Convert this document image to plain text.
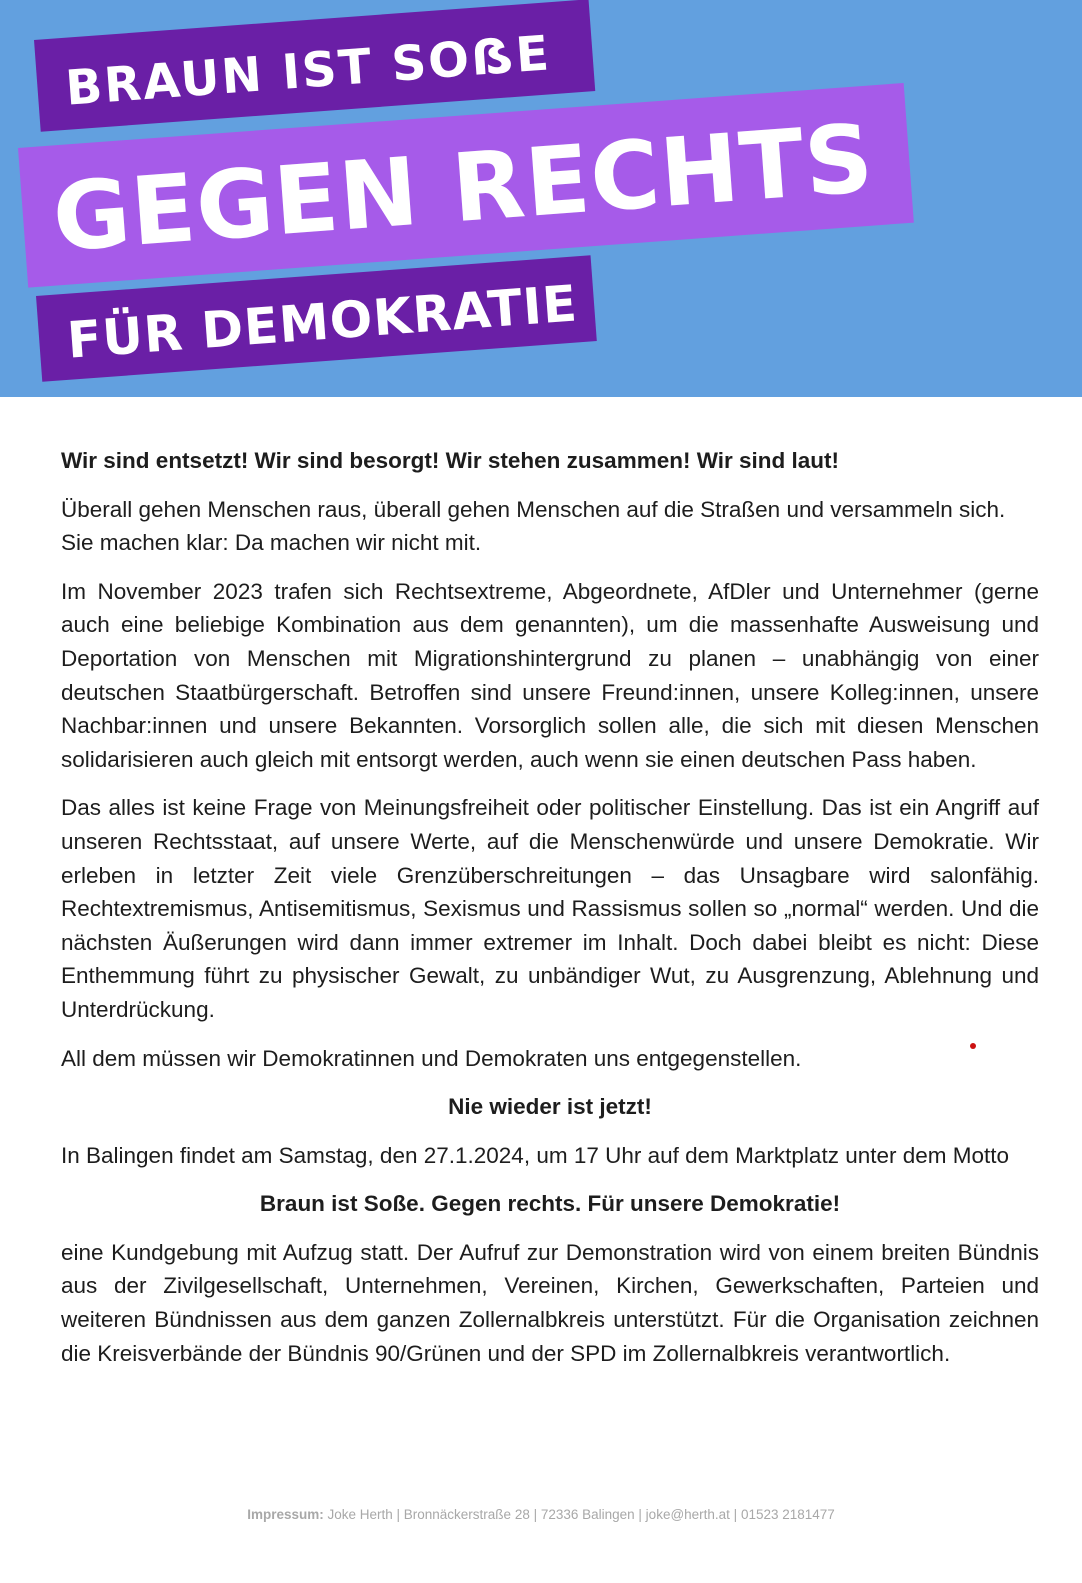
BRAUN IST SOẞE
GEGEN RECHTS
FÜR DEMOKRATIE

Wir sind entsetzt! Wir sind besorgt! Wir stehen zusammen! Wir sind laut!

Überall gehen Menschen raus, überall gehen Menschen auf die Straßen und versammeln sich. Sie machen klar: Da machen wir nicht mit.

Im November 2023 trafen sich Rechtsextreme, Abgeordnete, AfDler und Unternehmer (gerne auch eine beliebige Kombination aus dem genannten), um die massenhafte Ausweisung und Deportation von Menschen mit Migrationshintergrund zu planen – unabhängig von einer deutschen Staatbürgerschaft. Betroffen sind unsere Freund:innen, unsere Kolleg:innen, unsere Nachbar:innen und unsere Bekannten. Vorsorglich sollen alle, die sich mit diesen Menschen solidarisieren auch gleich mit entsorgt werden, auch wenn sie einen deutschen Pass haben.

Das alles ist keine Frage von Meinungsfreiheit oder politischer Einstellung. Das ist ein Angriff auf unseren Rechtsstaat, auf unsere Werte, auf die Menschenwürde und unsere Demokratie. Wir erleben in letzter Zeit viele Grenzüberschreitungen – das Unsagbare wird salonfähig. Rechtextremismus, Antisemitismus, Sexismus und Rassismus sollen so „normal“ werden. Und die nächsten Äußerungen wird dann immer extremer im Inhalt. Doch dabei bleibt es nicht: Diese Enthemmung führt zu physischer Gewalt, zu unbändiger Wut, zu Ausgrenzung, Ablehnung und Unterdrückung.

All dem müssen wir Demokratinnen und Demokraten uns entgegenstellen.

Nie wieder ist jetzt!

In Balingen findet am Samstag, den 27.1.2024, um 17 Uhr auf dem Marktplatz unter dem Motto

Braun ist Soße. Gegen rechts. Für unsere Demokratie!

eine Kundgebung mit Aufzug statt. Der Aufruf zur Demonstration wird von einem breiten Bündnis aus der Zivilgesellschaft, Unternehmen, Vereinen, Kirchen, Gewerkschaften, Parteien und weiteren Bündnissen aus dem ganzen Zollernalbkreis unterstützt. Für die Organisation zeichnen die Kreisverbände der Bündnis 90/Grünen und der SPD im Zollernalbkreis verantwortlich.

Impressum: Joke Herth | Bronnäckerstraße 28 | 72336 Balingen | joke@herth.at | 01523 2181477
